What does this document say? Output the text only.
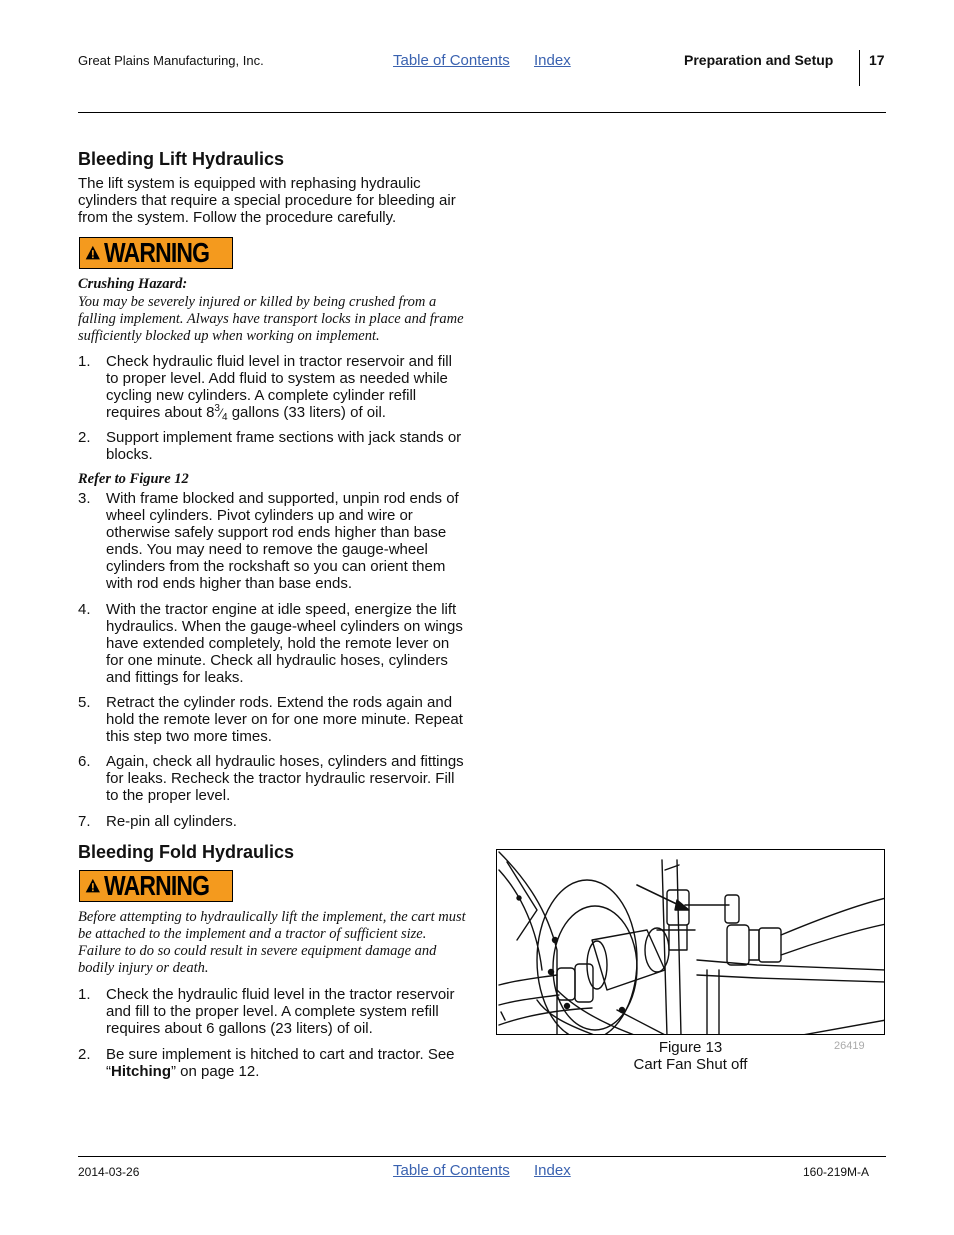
Great Plains Manufacturing, Inc.	Table of Contents Index	Preparation and Setup	17
Bleeding Lift Hydraulics
The lift system is equipped with rephasing hydraulic cylinders that require a special procedure for bleeding air from the system. Follow the procedure carefully.
WARNING
Crushing Hazard:
You may be severely injured or killed by being crushed from a falling implement. Always have transport locks in place and frame sufficiently blocked up when working on implement.
1. Check hydraulic fluid level in tractor reservoir and fill to proper level. Add fluid to system as needed while cycling new cylinders. A complete cylinder refill requires about $8^3⁄_4$ gallons (33 liters) of oil.
2. Support implement frame sections with jack stands or blocks.
Refer to Figure 12
3. With frame blocked and supported, unpin rod ends of wheel cylinders. Pivot cylinders up and wire or otherwise safely support rod ends higher than base ends. You may need to remove the gauge-wheel cylinders from the rockshaft so you can orient them with rod ends higher than base ends.
4. With the tractor engine at idle speed, energize the lift hydraulics. When the gauge-wheel cylinders on wings have extended completely, hold the remote lever on for one minute. Check all hydraulic hoses, cylinders and fittings for leaks.
5. Retract the cylinder rods. Extend the rods again and hold the remote lever on for one more minute. Repeat this step two more times.
6. Again, check all hydraulic hoses, cylinders and fittings for leaks. Recheck the tractor hydraulic reservoir. Fill to the proper level.
7. Re-pin all cylinders.
Bleeding Fold Hydraulics
WARNING
Before attempting to hydraulically lift the implement, the cart must be attached to the implement and a tractor of sufficient size. Failure to do so could result in severe equipment damage and bodily injury or death.
1. Check the hydraulic fluid level in the tractor reservoir and fill to the proper level. A complete system refill requires about 6 gallons (23 liters) of oil.
2. Be sure implement is hitched to cart and tractor. See “Hitching” on page 12.
Figure 13
Cart Fan Shut off
26419
2014-03-26	Table of Contents Index	160-219M-A
